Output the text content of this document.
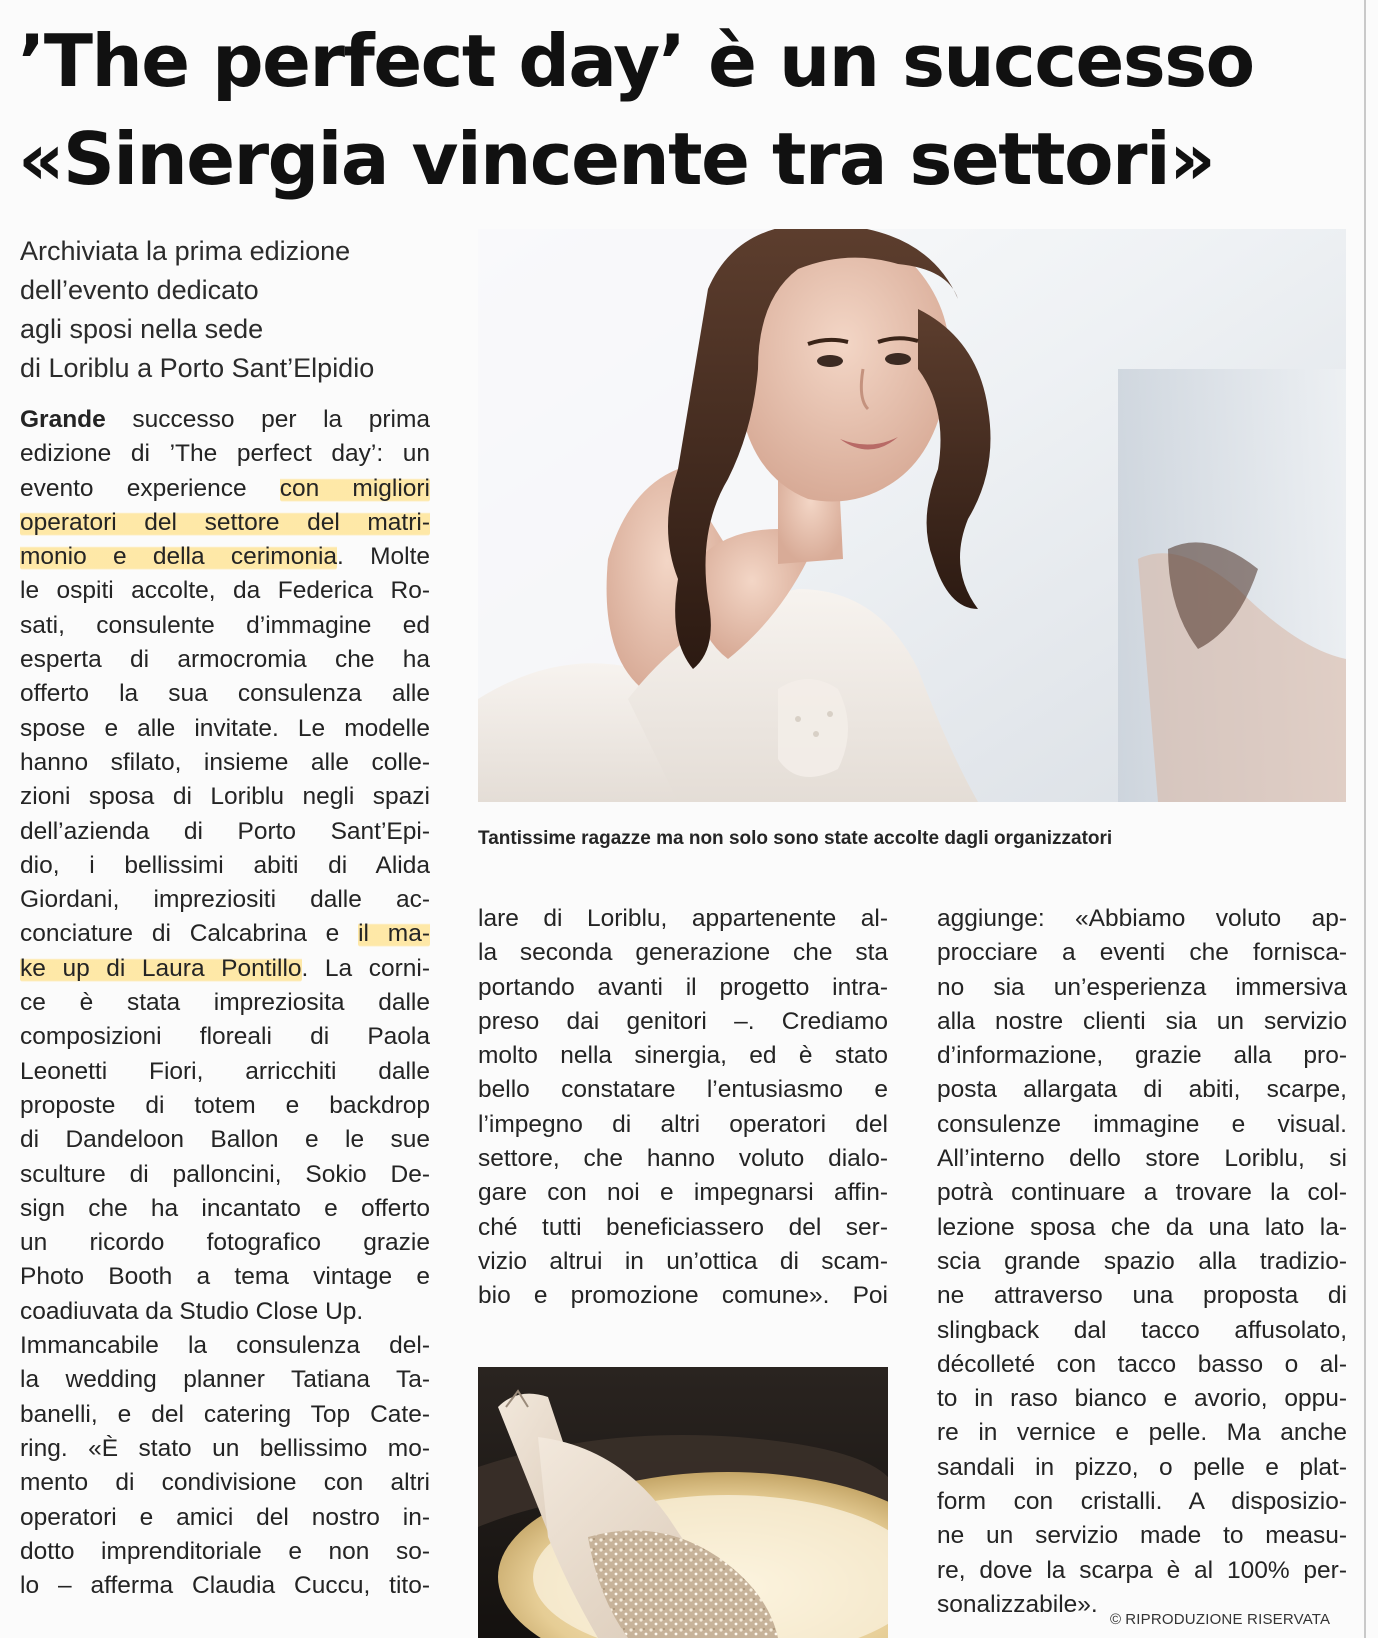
’The perfect day’ è un successo
«Sinergia vincente tra settori»
Archiviata la prima edizione
dell’evento dedicato
agli sposi nella sede
di Loriblu a Porto Sant’Elpidio
Grande successo per la prima
edizione di ’The perfect day’: un
evento experience con migliori
operatori del settore del matri-
monio e della cerimonia. Molte
le ospiti accolte, da Federica Ro-
sati, consulente d’immagine ed
esperta di armocromia che ha
offerto la sua consulenza alle
spose e alle invitate. Le modelle
hanno sfilato, insieme alle colle-
zioni sposa di Loriblu negli spazi
dell’azienda di Porto Sant’Epi-
dio, i bellissimi abiti di Alida
Giordani, impreziositi dalle ac-
conciature di Calcabrina e il ma-
ke up di Laura Pontillo. La corni-
ce è stata impreziosita dalle
composizioni floreali di Paola
Leonetti Fiori, arricchiti dalle
proposte di totem e backdrop
di Dandeloon Ballon e le sue
sculture di palloncini, Sokio De-
sign che ha incantato e offerto
un ricordo fotografico grazie
Photo Booth a tema vintage e
coadiuvata da Studio Close Up.
Immancabile la consulenza del-
la wedding planner Tatiana Ta-
banelli, e del catering Top Cate-
ring. «È stato un bellissimo mo-
mento di condivisione con altri
operatori e amici del nostro in-
dotto imprenditoriale e non so-
lo – afferma Claudia Cuccu, tito-
Tantissime ragazze ma non solo sono state accolte dagli organizzatori
lare di Loriblu, appartenente al-
la seconda generazione che sta
portando avanti il progetto intra-
preso dai genitori –. Crediamo
molto nella sinergia, ed è stato
bello constatare l’entusiasmo e
l’impegno di altri operatori del
settore, che hanno voluto dialo-
gare con noi e impegnarsi affin-
ché tutti beneficiassero del ser-
vizio altrui in un’ottica di scam-
bio e promozione comune». Poi
aggiunge: «Abbiamo voluto ap-
procciare a eventi che fornisca-
no sia un’esperienza immersiva
alla nostre clienti sia un servizio
d’informazione, grazie alla pro-
posta allargata di abiti, scarpe,
consulenze immagine e visual.
All’interno dello store Loriblu, si
potrà continuare a trovare la col-
lezione sposa che da una lato la-
scia grande spazio alla tradizio-
ne attraverso una proposta di
slingback dal tacco affusolato,
décolleté con tacco basso o al-
to in raso bianco e avorio, oppu-
re in vernice e pelle. Ma anche
sandali in pizzo, o pelle e plat-
form con cristalli. A disposizio-
ne un servizio made to measu-
re, dove la scarpa è al 100% per-
sonalizzabile».
© RIPRODUZIONE RISERVATA
